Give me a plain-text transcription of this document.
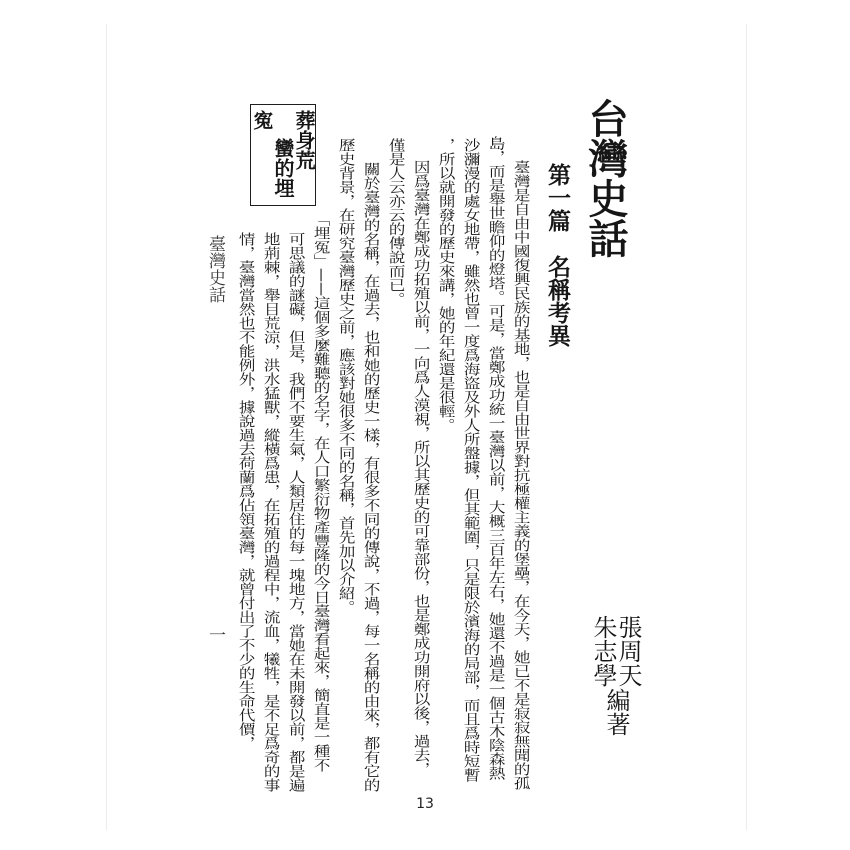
台灣史話
第一篇　名稱考異
張周天
朱志學
編著
臺灣是自由中國復興民族的基地，也是自由世界對抗極權主義的堡壘，在今天，她已不是寂寂無聞的孤
島，而是舉世瞻仰的燈塔。可是，當鄭成功統一臺灣以前，大概三百年左右，她還不過是一個古木陰森熱
沙瀰漫的處女地帶，雖然也曾一度爲海盜及外人所盤據，但其範圍，只是限於濱海的局部，而且爲時短暫
，所以就開發的歷史來講，她的年紀還是很輕。
因爲臺灣在鄭成功拓殖以前，一向爲人漠視，所以其歷史的可靠部份，也是鄭成功開府以後，過去，
僅是人云亦云的傳說而已。
關於臺灣的名稱，在過去，也和她的歷史一樣，有很多不同的傳說，不過，每一名稱的由來，都有它的
歷史背景，在研究臺灣歷史之前，應該對她很多不同的名稱，首先加以介紹。
「埋冤」——這個多麼難聽的名字，在人口繁衍物產豐隆的今日臺灣看起來，簡直是一種不
可思議的謎礙，但是，我們不要生氣，人類居住的每一塊地方，當她在未開發以前，都是遍
地荊棘，舉目荒涼，洪水猛獸，縱橫爲患，在拓殖的過程中，流血，犧牲，是不足爲奇的事
情，臺灣當然也不能例外，據說過去荷蘭爲佔領臺灣，就曾付出了不少的生命代價，
葬身荒
蠻的埋
寃
臺灣史話
一
13
